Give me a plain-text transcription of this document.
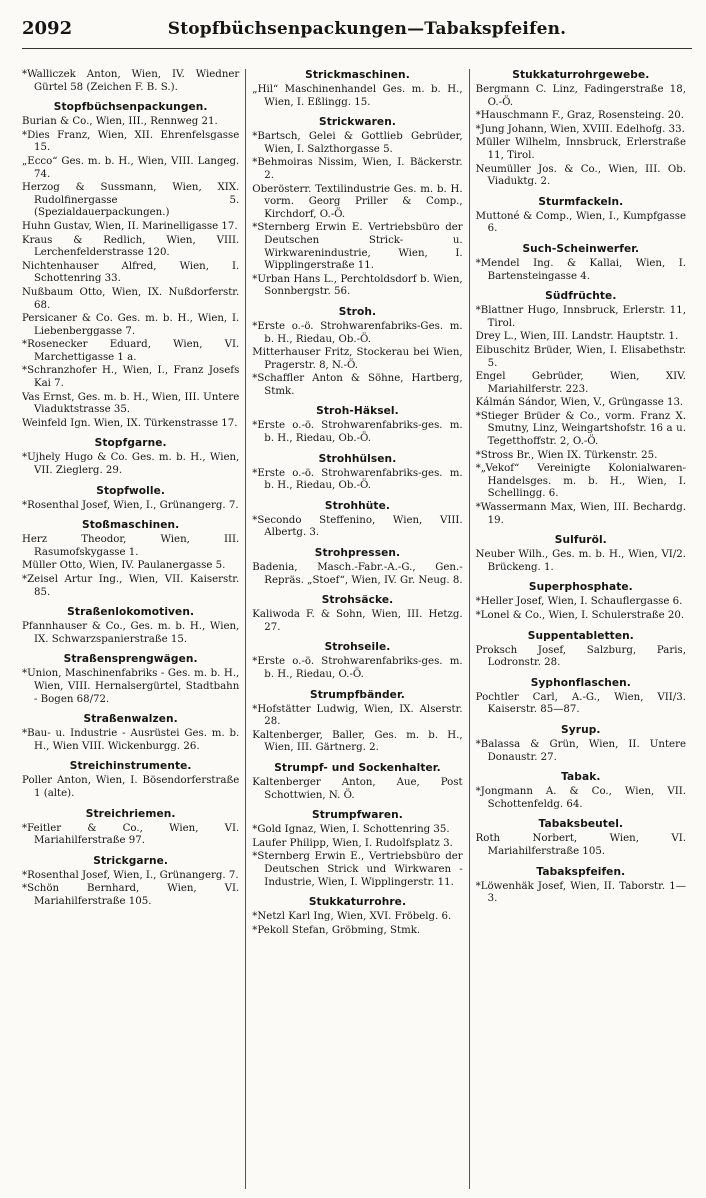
2092	Stopfbüchsenpackungen—Tabakspfeifen.
*Walliczek Anton, Wien, IV. Wiedner Gürtel 58 (Zeichen F. B. S.).
Stopfbüchsenpackungen.
Burian & Co., Wien, III., Rennweg 21.
*Dies Franz, Wien, XII. Ehrenfelsgasse 15.
„Ecco“ Ges. m. b. H., Wien, VIII. Langeg. 74.
Herzog & Sussmann, Wien, XIX. Rudolfinergasse 5. (Spezialdauerpackungen.)
Huhn Gustav, Wien, II. Marinelligasse 17.
Kraus & Redlich, Wien, VIII. Lerchenfelderstrasse 120.
Nichtenhauser Alfred, Wien, I. Schottenring 33.
Nußbaum Otto, Wien, IX. Nußdorferstr. 68.
Persicaner & Co. Ges. m. b. H., Wien, I. Liebenberggasse 7.
*Rosenecker Eduard, Wien, VI. Marchettigasse 1 a.
*Schranzhofer H., Wien, I., Franz Josefs Kai 7.
Vas Ernst, Ges. m. b. H., Wien, III. Untere Viaduktstrasse 35.
Weinfeld Ign. Wien, IX. Türkenstrasse 17.
Stopfgarne.
*Ujhely Hugo & Co. Ges. m. b. H., Wien, VII. Zieglerg. 29.
Stopfwolle.
*Rosenthal Josef, Wien, I., Grünangerg. 7.
Stoßmaschinen.
Herz Theodor, Wien, III. Rasumofskygasse 1.
Müller Otto, Wien, IV. Paulanergasse 5.
*Zeisel Artur Ing., Wien, VII. Kaiserstr. 85.
Straßenlokomotiven.
Pfannhauser & Co., Ges. m. b. H., Wien, IX. Schwarzspanierstraße 15.
Straßensprengwägen.
*Union, Maschinenfabriks - Ges. m. b. H., Wien, VIII. Hernalsergürtel, Stadtbahn - Bogen 68/72.
Straßenwalzen.
*Bau- u. Industrie - Ausrüstei Ges. m. b. H., Wien VIII. Wickenburgg. 26.
Streichinstrumente.
Poller Anton, Wien, I. Bösendorferstraße 1 (alte).
Streichriemen.
*Feitler & Co., Wien, VI. Mariahilferstraße 97.
Strickgarne.
*Rosenthal Josef, Wien, I., Grünangerg. 7.
*Schön Bernhard, Wien, VI. Mariahilferstraße 105.
Strickmaschinen.
„Hil“ Maschinenhandel Ges. m. b. H., Wien, I. Eßlingg. 15.
Strickwaren.
*Bartsch, Gelei & Gottlieb Gebrüder, Wien, I. Salzthorgasse 5.
*Behmoiras Nissim, Wien, I. Bäckerstr. 2.
Oberösterr. Textilindustrie Ges. m. b. H. vorm. Georg Priller & Comp., Kirchdorf, O.-Ö.
*Sternberg Erwin E. Vertriebsbüro der Deutschen Strick- u. Wirkwarenindustrie, Wien, I. Wipplingerstraße 11.
*Urban Hans L., Perchtoldsdorf b. Wien, Sonnbergstr. 56.
Stroh.
*Erste o.-ö. Strohwarenfabriks-Ges. m. b. H., Riedau, Ob.-Ö.
Mitterhauser Fritz, Stockerau bei Wien, Pragerstr. 8, N.-Ö.
*Schaffler Anton & Söhne, Hartberg, Stmk.
Stroh-Häksel.
*Erste o.-ö. Strohwarenfabriks-ges. m. b. H., Riedau, Ob.-Ö.
Strohhülsen.
*Erste o.-ö. Strohwarenfabriks-ges. m. b. H., Riedau, Ob.-Ö.
Strohhüte.
*Secondo Steffenino, Wien, VIII. Albertg. 3.
Strohpressen.
Badenia, Masch.-Fabr.-A.-G., Gen.-Repräs. „Stoef“, Wien, IV. Gr. Neug. 8.
Strohsäcke.
Kaliwoda F. & Sohn, Wien, III. Hetzg. 27.
Strohseile.
*Erste o.-ö. Strohwarenfabriks-ges. m. b. H., Riedau, O.-Ö.
Strumpfbänder.
*Hofstätter Ludwig, Wien, IX. Alserstr. 28.
Kaltenberger, Baller, Ges. m. b. H., Wien, III. Gärtnerg. 2.
Strumpf- und Sockenhalter.
Kaltenberger Anton, Aue, Post Schottwien, N. Ö.
Strumpfwaren.
*Gold Ignaz, Wien, I. Schottenring 35.
Laufer Philipp, Wien, I. Rudolfsplatz 3.
*Sternberg Erwin E., Vertriebsbüro der Deutschen Strick und Wirkwaren - Industrie, Wien, I. Wipplingerstr. 11.
Stukkaturrohre.
*Netzl Karl Ing, Wien, XVI. Fröbelg. 6.
*Pekoll Stefan, Gröbming, Stmk.
Stukkaturrohrgewebe.
Bergmann C. Linz, Fadingerstraße 18, O.-Ö.
*Hauschmann F., Graz, Rosensteing. 20.
*Jung Johann, Wien, XVIII. Edelhofg. 33.
Müller Wilhelm, Innsbruck, Erlerstraße 11, Tirol.
Neumüller Jos. & Co., Wien, III. Ob. Viaduktg. 2.
Sturmfackeln.
Muttoné & Comp., Wien, I., Kumpfgasse 6.
Such-Scheinwerfer.
*Mendel Ing. & Kallai, Wien, I. Bartensteingasse 4.
Südfrüchte.
*Blattner Hugo, Innsbruck, Erlerstr. 11, Tirol.
Drey L., Wien, III. Landstr. Hauptstr. 1.
Eibuschitz Brüder, Wien, I. Elisabethstr. 5.
Engel Gebrüder, Wien, XIV. Mariahilferstr. 223.
Kálmán Sándor, Wien, V., Grüngasse 13.
*Stieger Brüder & Co., vorm. Franz X. Smutny, Linz, Weingartshofstr. 16 a u. Tegetthoffstr. 2, O.-Ö.
*Stross Br., Wien IX. Türkenstr. 25.
*„Vekof“ Vereinigte Kolonialwaren-Handelsges. m. b. H., Wien, I. Schellingg. 6.
*Wassermann Max, Wien, III. Bechardg. 19.
Sulfuröl.
Neuber Wilh., Ges. m. b. H., Wien, VI/2. Brückeng. 1.
Superphosphate.
*Heller Josef, Wien, I. Schauflergasse 6.
*Lonel & Co., Wien, I. Schulerstraße 20.
Suppentabletten.
Proksch Josef, Salzburg, Paris, Lodronstr. 28.
Syphonflaschen.
Pochtler Carl, A.-G., Wien, VII/3. Kaiserstr. 85—87.
Syrup.
*Balassa & Grün, Wien, II. Untere Donaustr. 27.
Tabak.
*Jongmann A. & Co., Wien, VII. Schottenfeldg. 64.
Tabaksbeutel.
Roth Norbert, Wien, VI. Mariahilferstraße 105.
Tabakspfeifen.
*Löwenhäk Josef, Wien, II. Taborstr. 1—3.
